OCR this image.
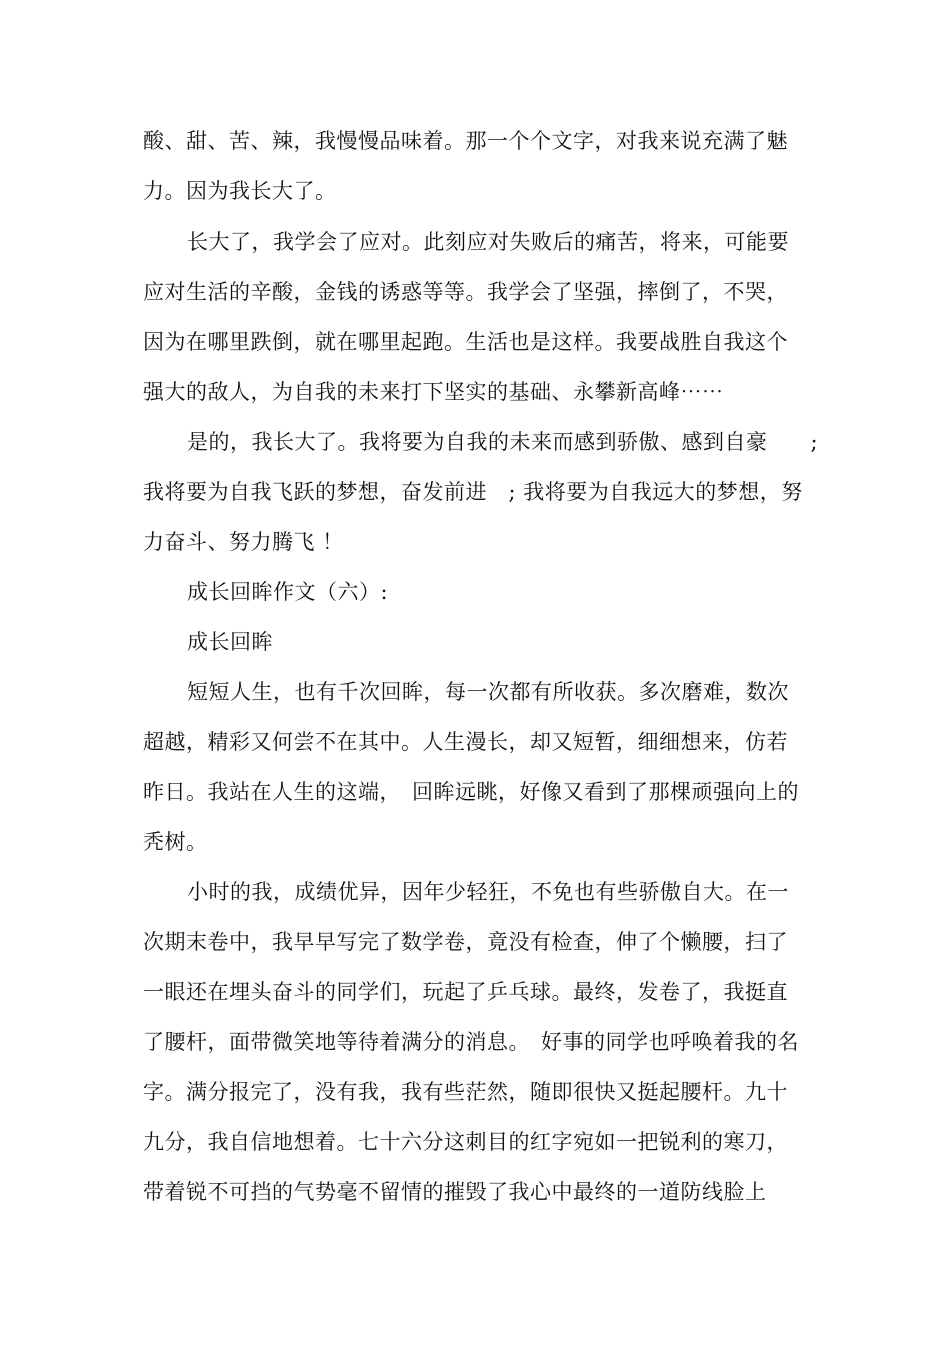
酸、甜、苦、辣，我慢慢品味着。那一个个文字，对我来说充满了魅
力。因为我长大了。
长大了，我学会了应对。此刻应对失败后的痛苦，将来，可能要
应对生活的辛酸，金钱的诱惑等等。我学会了坚强，摔倒了，不哭，
因为在哪里跌倒，就在哪里起跑。生活也是这样。我要战胜自我这个
强大的敌人，为自我的未来打下坚实的基础、永攀新高峰⋯⋯
是的，我长大了。我将要为自我的未来而感到骄傲、感到自豪　　;
我将要为自我飞跃的梦想，奋发前进　; 我将要为自我远大的梦想，努
力奋斗、努力腾飞 ！
成长回眸作文（六）:
成长回眸
短短人生，也有千次回眸，每一次都有所收获。多次磨难，数次
超越，精彩又何尝不在其中。人生漫长，却又短暂，细细想来，仿若
昨日。我站在人生的这端，　回眸远眺，好像又看到了那棵顽强向上的
秃树。
小时的我，成绩优异，因年少轻狂，不免也有些骄傲自大。在一
次期末卷中，我早早写完了数学卷，竟没有检查，伸了个懒腰，扫了
一眼还在埋头奋斗的同学们，玩起了乒乓球。最终，发卷了，我挺直
了腰杆，面带微笑地等待着满分的消息。　好事的同学也呼唤着我的名
字。满分报完了，没有我，我有些茫然，随即很快又挺起腰杆。九十
九分，我自信地想着。七十六分这刺目的红字宛如一把锐利的寒刀，
带着锐不可挡的气势毫不留情的摧毁了我心中最终的一道防线脸上
